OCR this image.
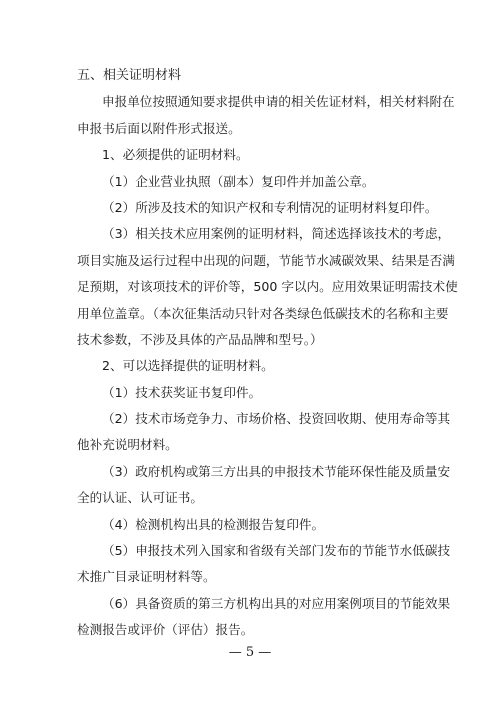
五、相关证明材料
申报单位按照通知要求提供申请的相关佐证材料，相关材料附在
申报书后面以附件形式报送。
1、必须提供的证明材料。
（1）企业营业执照（副本）复印件并加盖公章。
（2）所涉及技术的知识产权和专利情况的证明材料复印件。
（3）相关技术应用案例的证明材料，简述选择该技术的考虑，
项目实施及运行过程中出现的问题，节能节水减碳效果、结果是否满
足预期，对该项技术的评价等，500 字以内。应用效果证明需技术使
用单位盖章。（本次征集活动只针对各类绿色低碳技术的名称和主要
技术参数，不涉及具体的产品品牌和型号。）
2、可以选择提供的证明材料。
（1）技术获奖证书复印件。
（2）技术市场竞争力、市场价格、投资回收期、使用寿命等其
他补充说明材料。
（3）政府机构或第三方出具的申报技术节能环保性能及质量安
全的认证、认可证书。
（4）检测机构出具的检测报告复印件。
（5）申报技术列入国家和省级有关部门发布的节能节水低碳技
术推广目录证明材料等。
（6）具备资质的第三方机构出具的对应用案例项目的节能效果
检测报告或评价（评估）报告。
— 5 —
